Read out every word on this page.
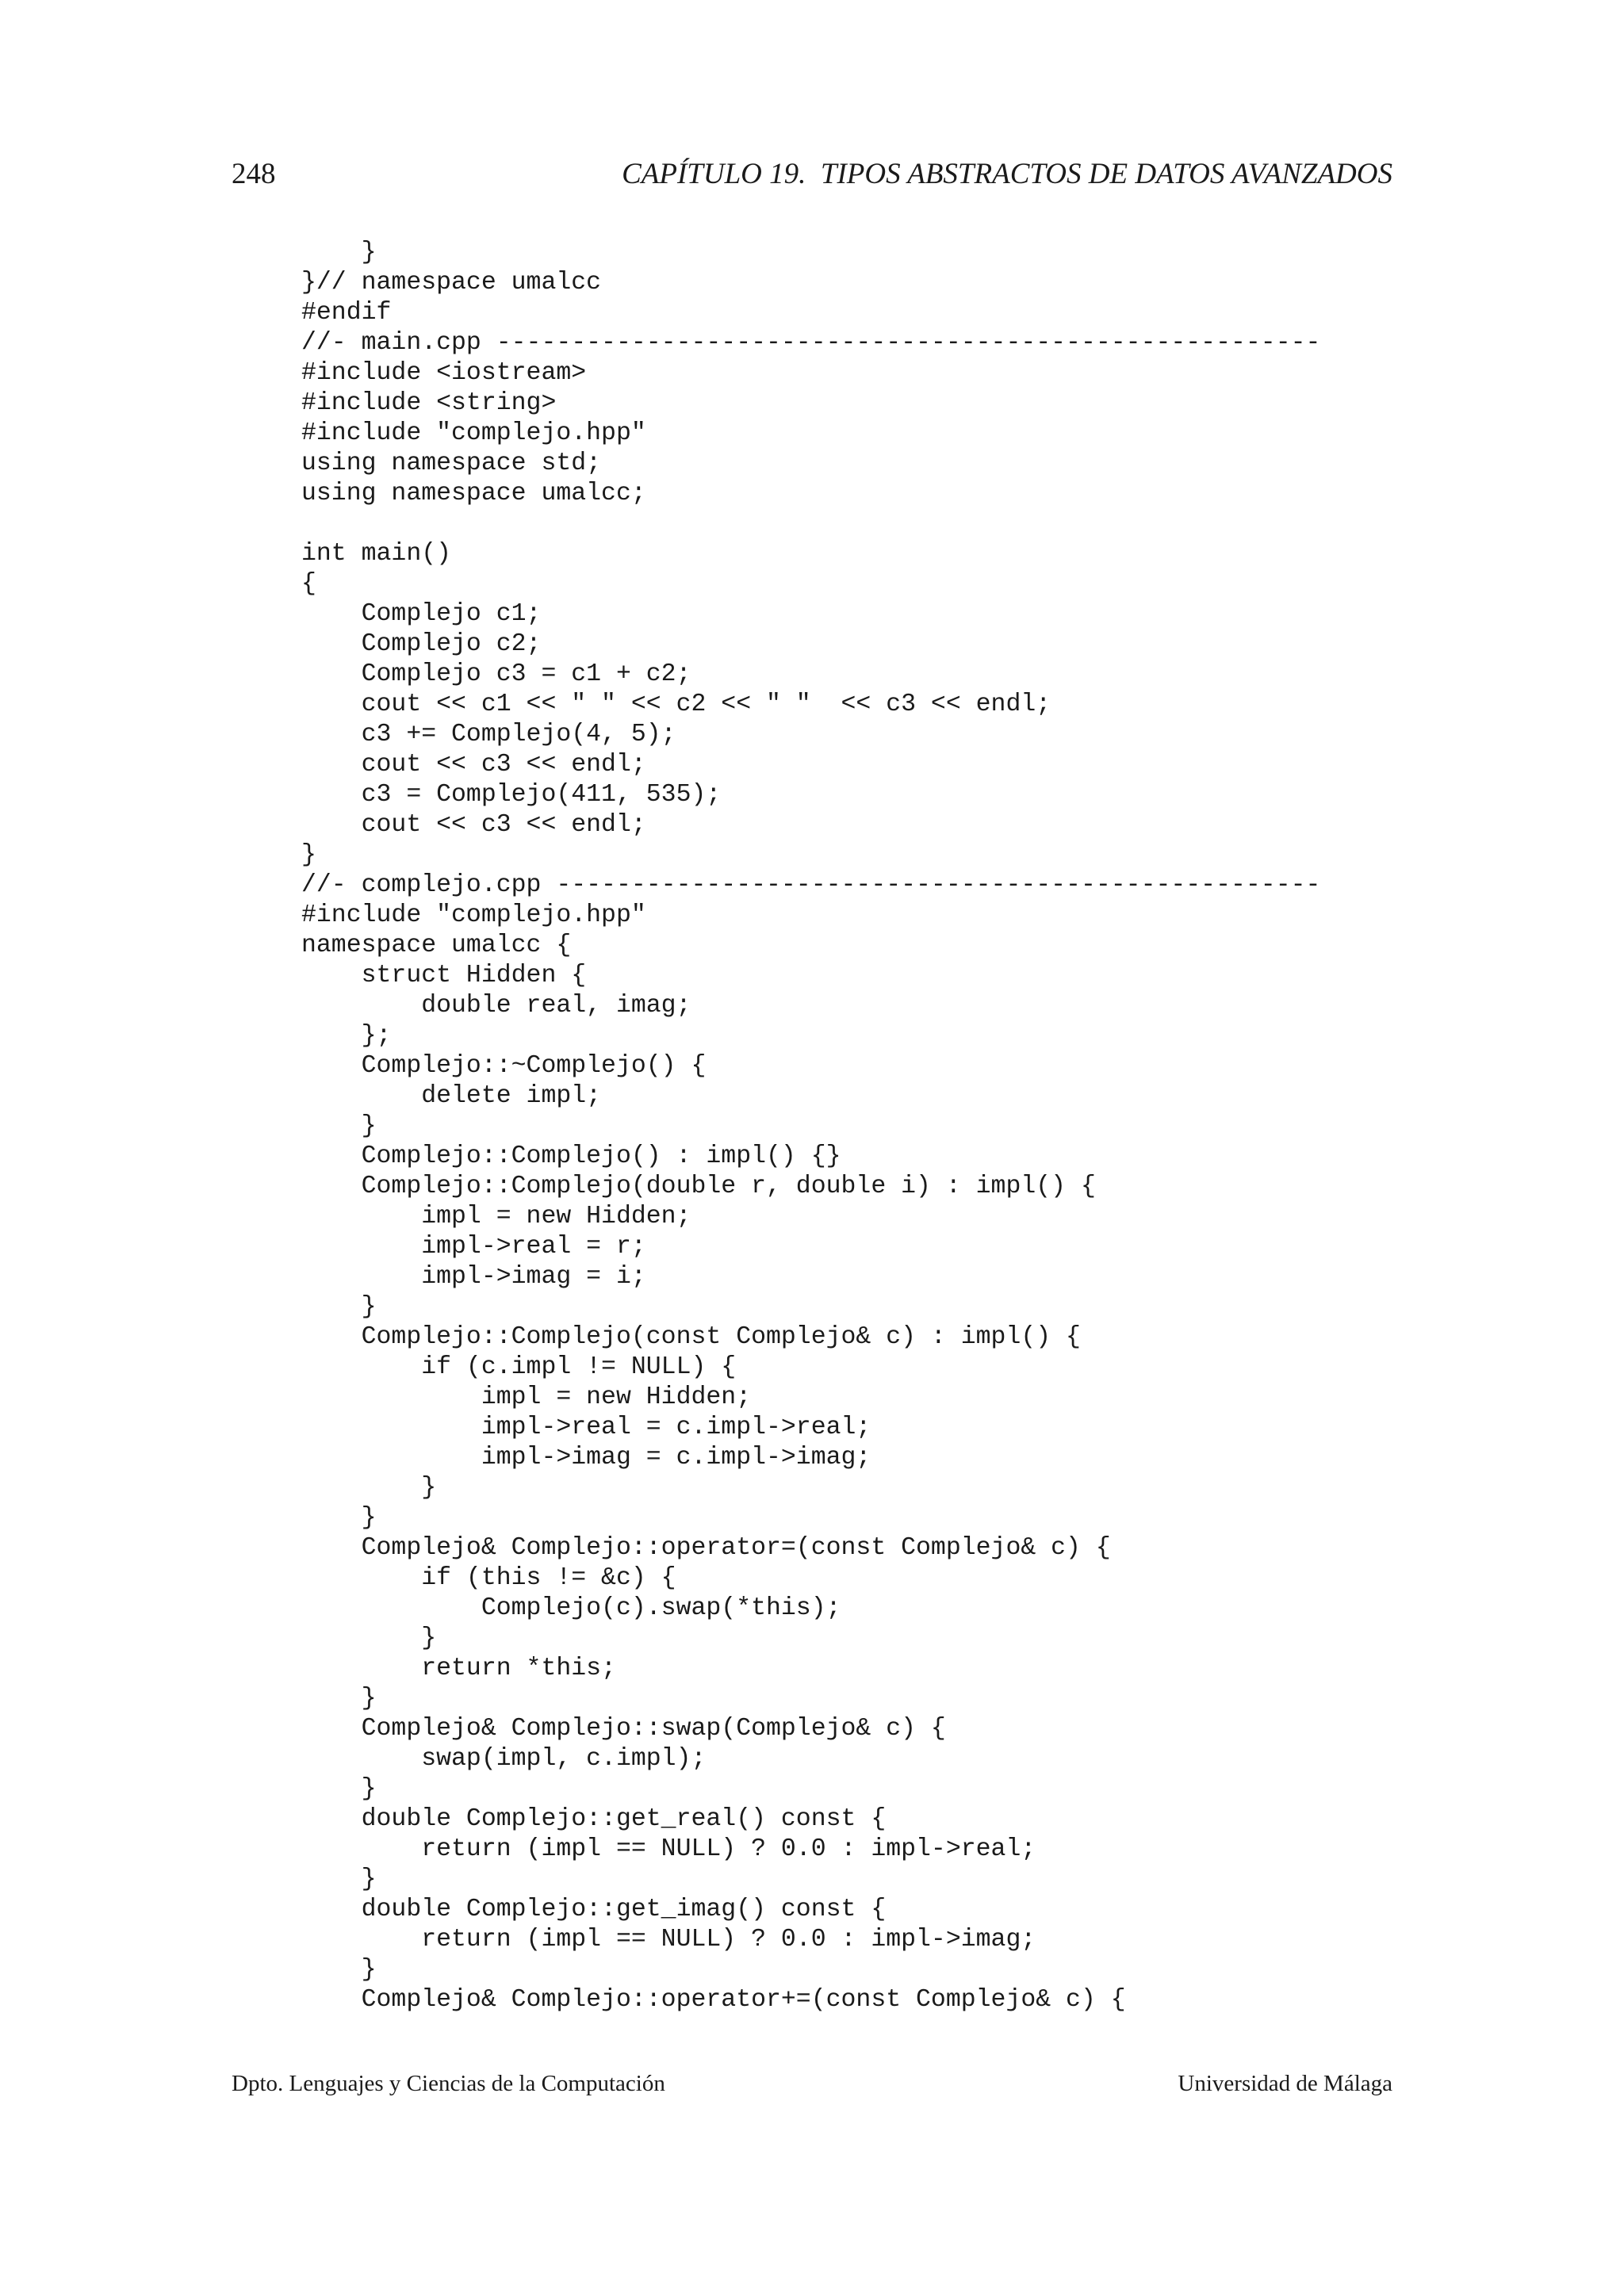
248	CAPÍTULO 19.  TIPOS ABSTRACTOS DE DATOS AVANZADOS
}
}// namespace umalcc
#endif
//- main.cpp -------------------------------------------------------
#include <iostream>
#include <string>
#include "complejo.hpp"
using namespace std;
using namespace umalcc;
int main()
{
Complejo c1;
Complejo c2;
Complejo c3 = c1 + c2;
cout << c1 << " " << c2 << " "  << c3 << endl;
c3 += Complejo(4, 5);
cout << c3 << endl;
c3 = Complejo(411, 535);
cout << c3 << endl;
}
//- complejo.cpp ---------------------------------------------------
#include "complejo.hpp"
namespace umalcc {
struct Hidden {
double real, imag;
};
Complejo::~Complejo() {
delete impl;
}
Complejo::Complejo() : impl() {}
Complejo::Complejo(double r, double i) : impl() {
impl = new Hidden;
impl->real = r;
impl->imag = i;
}
Complejo::Complejo(const Complejo& c) : impl() {
if (c.impl != NULL) {
impl = new Hidden;
impl->real = c.impl->real;
impl->imag = c.impl->imag;
}
}
Complejo& Complejo::operator=(const Complejo& c) {
if (this != &c) {
Complejo(c).swap(*this);
}
return *this;
}
Complejo& Complejo::swap(Complejo& c) {
swap(impl, c.impl);
}
double Complejo::get_real() const {
return (impl == NULL) ? 0.0 : impl->real;
}
double Complejo::get_imag() const {
return (impl == NULL) ? 0.0 : impl->imag;
}
Complejo& Complejo::operator+=(const Complejo& c) {
Dpto. Lenguajes y Ciencias de la Computación	Universidad de Málaga
